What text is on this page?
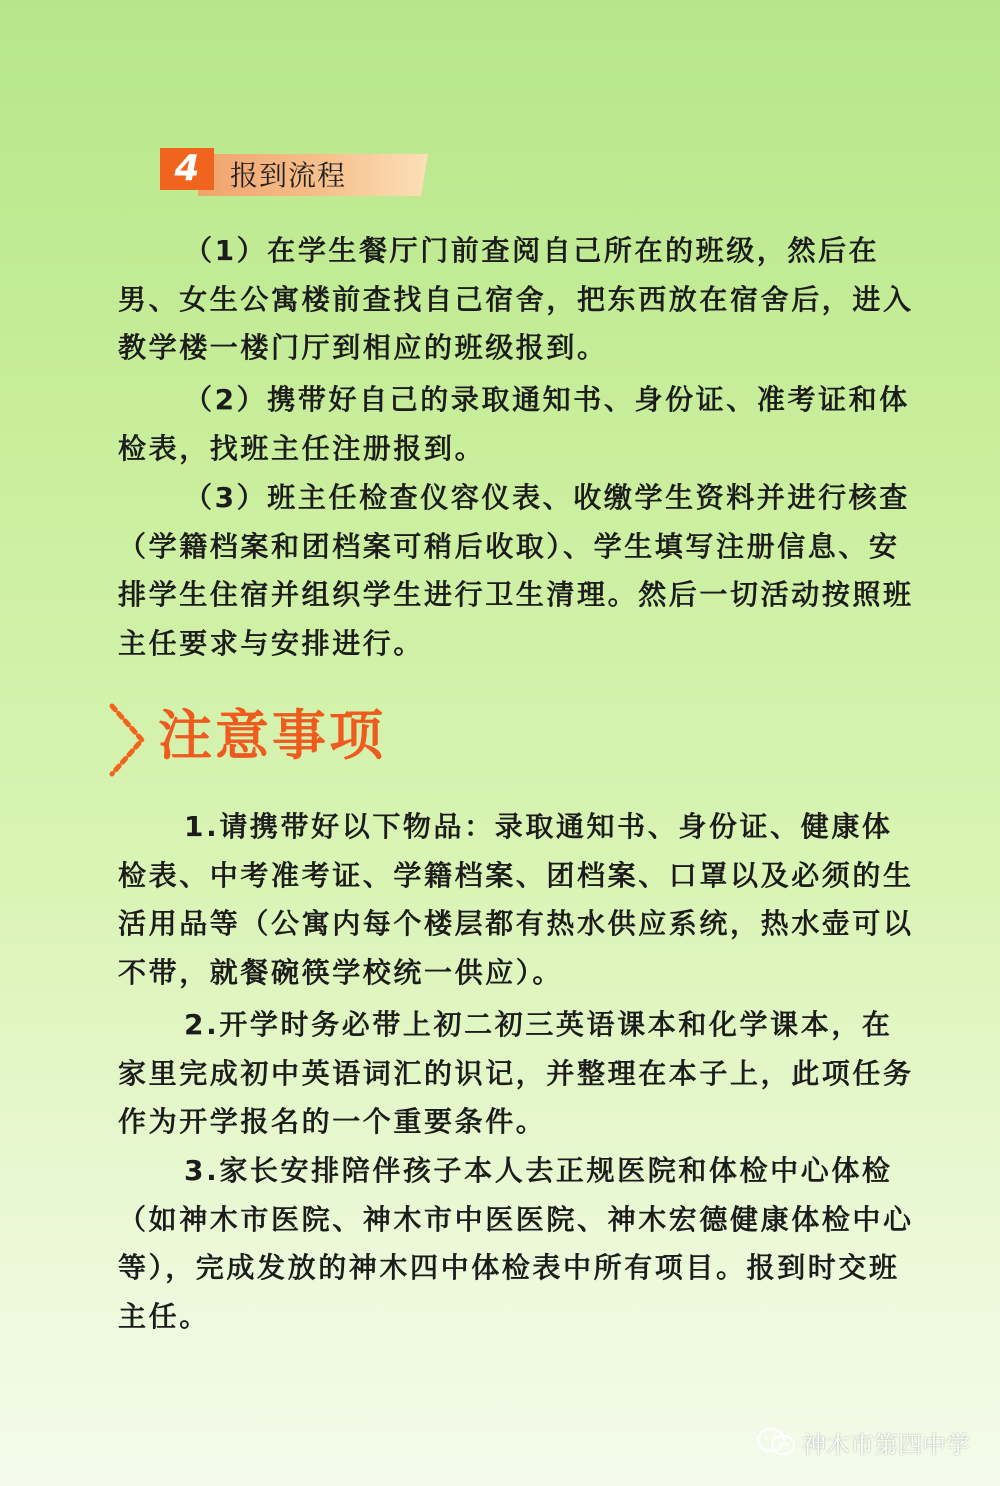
4	报到流程

（1）在学生餐厅门前查阅自己所在的班级，然后在男、女生公寓楼前查找自己宿舍，把东西放在宿舍后，进入教学楼一楼门厅到相应的班级报到。

（2）携带好自己的录取通知书、身份证、准考证和体检表，找班主任注册报到。

（3）班主任检查仪容仪表、收缴学生资料并进行核查（学籍档案和团档案可稍后收取）、学生填写注册信息、安排学生住宿并组织学生进行卫生清理。然后一切活动按照班主任要求与安排进行。

注意事项

1.请携带好以下物品：录取通知书、身份证、健康体检表、中考准考证、学籍档案、团档案、口罩以及必须的生活用品等（公寓内每个楼层都有热水供应系统，热水壶可以不带，就餐碗筷学校统一供应）。

2.开学时务必带上初二初三英语课本和化学课本，在家里完成初中英语词汇的识记，并整理在本子上，此项任务作为开学报名的一个重要条件。

3.家长安排陪伴孩子本人去正规医院和体检中心体检（如神木市医院、神木市中医医院、神木宏德健康体检中心等），完成发放的神木四中体检表中所有项目。报到时交班主任。

神木市第四中学
